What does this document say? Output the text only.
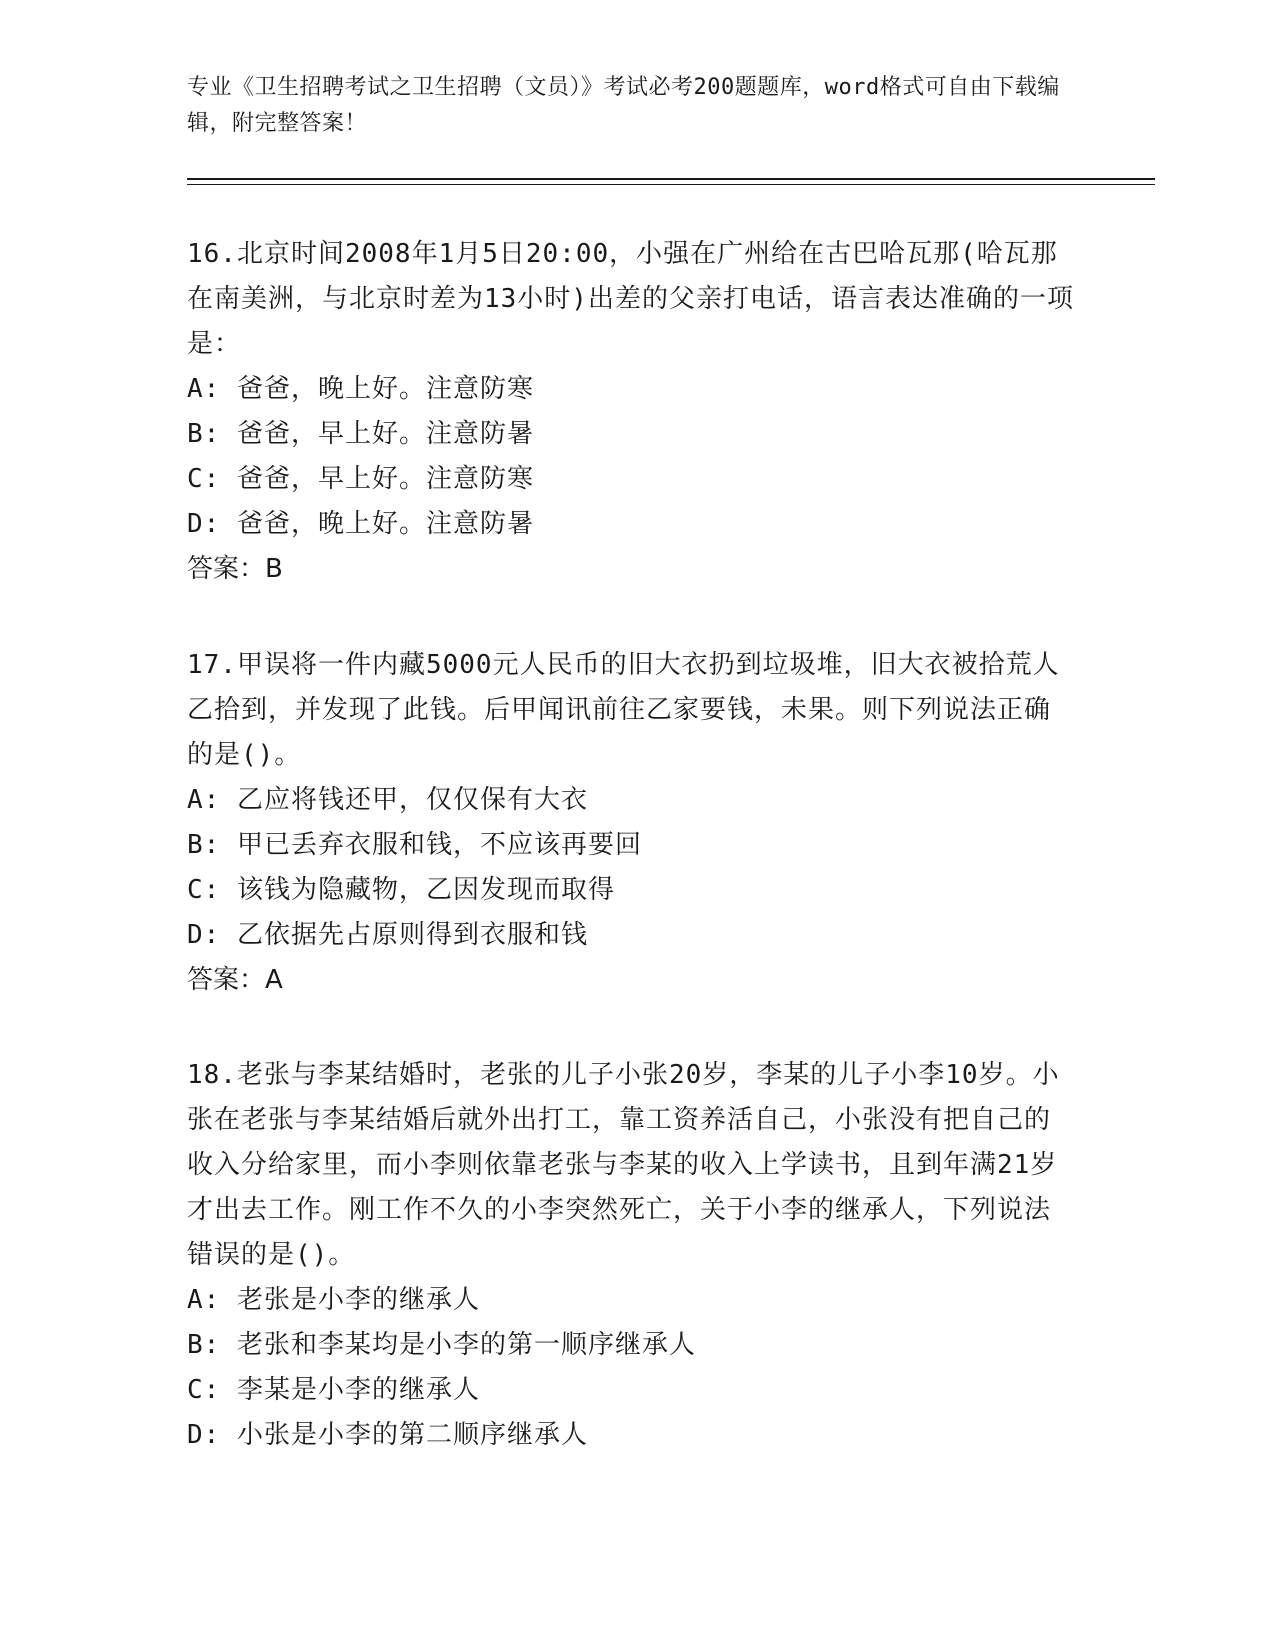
专业《卫生招聘考试之卫生招聘（文员）》考试必考200题题库，word格式可自由下载编辑，附完整答案！

16.北京时间2008年1月5日20:00，小强在广州给在古巴哈瓦那(哈瓦那在南美洲，与北京时差为13小时)出差的父亲打电话，语言表达准确的一项是：

A: 爸爸，晚上好。注意防寒

B: 爸爸，早上好。注意防暑

C: 爸爸，早上好。注意防寒

D: 爸爸，晚上好。注意防暑

答案：B

17.甲误将一件内藏5000元人民币的旧大衣扔到垃圾堆，旧大衣被拾荒人乙拾到，并发现了此钱。后甲闻讯前往乙家要钱，未果。则下列说法正确的是()。

A: 乙应将钱还甲，仅仅保有大衣

B: 甲已丢弃衣服和钱，不应该再要回

C: 该钱为隐藏物，乙因发现而取得

D: 乙依据先占原则得到衣服和钱

答案：A

18.老张与李某结婚时，老张的儿子小张20岁，李某的儿子小李10岁。小张在老张与李某结婚后就外出打工，靠工资养活自己，小张没有把自己的收入分给家里，而小李则依靠老张与李某的收入上学读书，且到年满21岁才出去工作。刚工作不久的小李突然死亡，关于小李的继承人，下列说法错误的是()。

A: 老张是小李的继承人

B: 老张和李某均是小李的第一顺序继承人

C: 李某是小李的继承人

D: 小张是小李的第二顺序继承人
